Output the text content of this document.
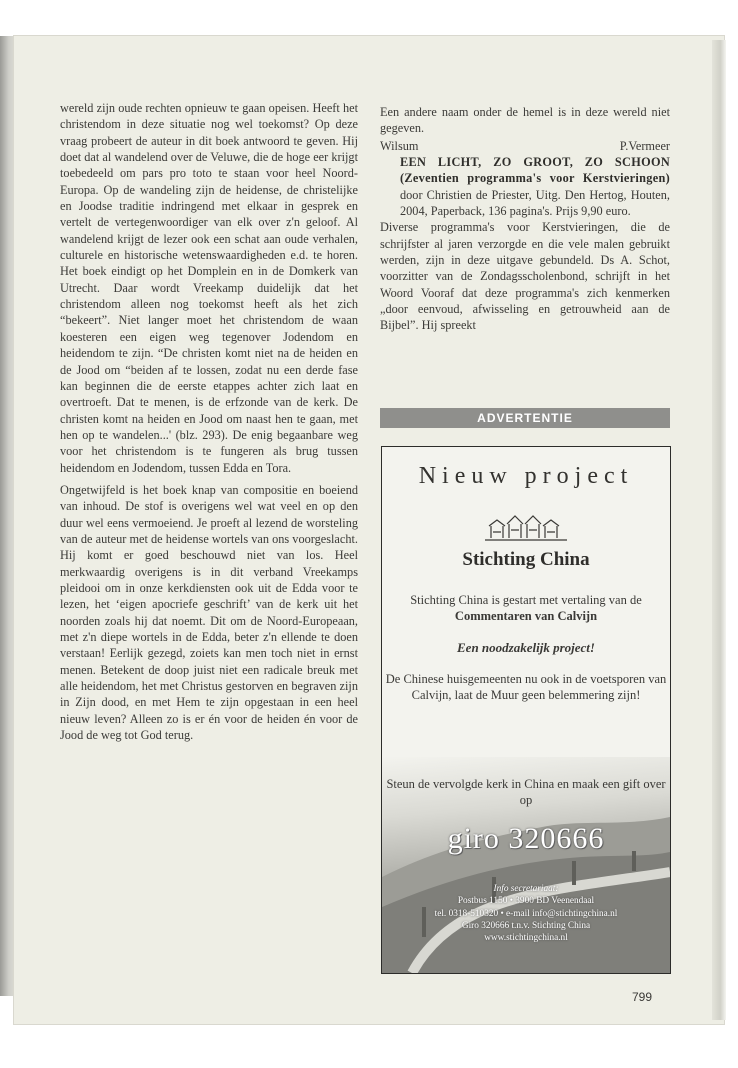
wereld zijn oude rechten opnieuw te gaan opeisen. Heeft het christendom in deze situatie nog wel toekomst? Op deze vraag probeert de auteur in dit boek antwoord te geven. Hij doet dat al wandelend over de Veluwe, die de hoge eer krijgt toebedeeld om pars pro toto te staan voor heel Noord-Europa. Op de wandeling zijn de heidense, de christelijke en Joodse traditie indringend met elkaar in gesprek en vertelt de vertegenwoordiger van elk over z'n geloof. Al wandelend krijgt de lezer ook een schat aan oude verhalen, culturele en historische wetenswaardigheden e.d. te horen. Het boek eindigt op het Domplein en in de Domkerk van Utrecht. Daar wordt Vreekamp duidelijk dat het christendom alleen nog toekomst heeft als het zich “bekeert”. Niet langer moet het christendom de waan koesteren een eigen weg tegenover Jodendom en heidendom te zijn. “De christen komt niet na de heiden en de Jood om “beiden af te lossen, zodat nu een derde fase kan beginnen die de eerste etappes achter zich laat en overtroeft. Dat te menen, is de erfzonde van de kerk. De christen komt na heiden en Jood om naast hen te gaan, met hen op te wandelen...' (blz. 293). De enig begaanbare weg voor het christendom is te fungeren als brug tussen heidendom en Jodendom, tussen Edda en Tora.

Ongetwijfeld is het boek knap van compositie en boeiend van inhoud. De stof is overigens wel wat veel en op den duur wel eens vermoeiend. Je proeft al lezend de worsteling van de auteur met de heidense wortels van ons voorgeslacht. Hij komt er goed beschouwd niet van los. Heel merkwaardig overigens is in dit verband Vreekamps pleidooi om in onze kerkdiensten ook uit de Edda voor te lezen, het ‘eigen apocriefe geschrift’ van de kerk uit het noorden zoals hij dat noemt. Dit om de Noord-Europeaan, met z'n diepe wortels in de Edda, beter z'n ellende te doen verstaan! Eerlijk gezegd, zoiets kan men toch niet in ernst menen. Betekent de doop juist niet een radicale breuk met alle heidendom, het met Christus gestorven en begraven zijn in Zijn dood, en met Hem te zijn opgestaan in een heel nieuw leven? Alleen zo is er én voor de heiden én voor de Jood de weg tot God terug.

Een andere naam onder de hemel is in deze wereld niet gegeven.

Wilsum	P.Vermeer

EEN LICHT, ZO GROOT, ZO SCHOON (Zeventien programma's voor Kerstvieringen) door Christien de Priester, Uitg. Den Hertog, Houten, 2004, Paperback, 136 pagina's. Prijs 9,90 euro.

Diverse programma's voor Kerstvieringen, die de schrijfster al jaren verzorgde en die vele malen gebruikt werden, zijn in deze uitgave gebundeld. Ds A. Schot, voorzitter van de Zondagsscholenbond, schrijft in het Woord Vooraf dat deze programma's zich kenmerken „door eenvoud, afwisseling en getrouwheid aan de Bijbel”. Hij spreekt

ADVERTENTIE
Nieuw project
Stichting China
Stichting China is gestart met vertaling van de
Commentaren van Calvijn
Een noodzakelijk project!
De Chinese huisgemeenten nu ook in de voetsporen van Calvijn, laat de Muur geen belemmering zijn!
Steun de vervolgde kerk in China en maak een gift over op
giro 320666
Info secretariaat:
Postbus 1150 • 3900 BD Veenendaal
tel. 0318-510320 • e-mail info@stichtingchina.nl
Giro 320666 t.n.v. Stichting China
www.stichtingchina.nl
799
